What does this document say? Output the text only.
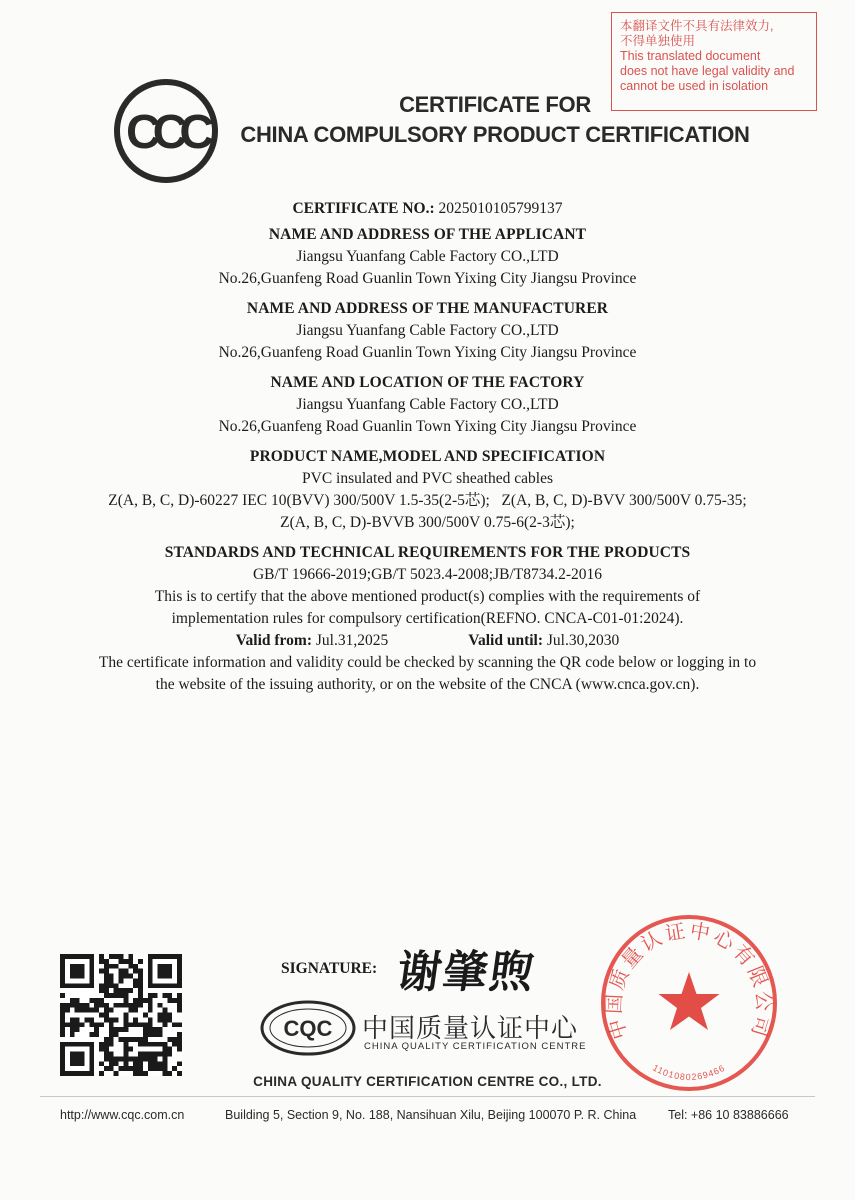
本翻译文件不具有法律效力,
不得单独使用
This translated document
does not have legal validity and
cannot be used in isolation
CCC
CERTIFICATE FOR
CHINA COMPULSORY PRODUCT CERTIFICATION
CERTIFICATE NO.: 2025010105799137
NAME AND ADDRESS OF THE APPLICANT
Jiangsu Yuanfang Cable Factory CO.,LTD
No.26,Guanfeng Road Guanlin Town Yixing City Jiangsu Province
NAME AND ADDRESS OF THE MANUFACTURER
Jiangsu Yuanfang Cable Factory CO.,LTD
No.26,Guanfeng Road Guanlin Town Yixing City Jiangsu Province
NAME AND LOCATION OF THE FACTORY
Jiangsu Yuanfang Cable Factory CO.,LTD
No.26,Guanfeng Road Guanlin Town Yixing City Jiangsu Province
PRODUCT NAME,MODEL AND SPECIFICATION
PVC insulated and PVC sheathed cables
Z(A, B, C, D)-60227 IEC 10(BVV) 300/500V 1.5-35(2-5芯);   Z(A, B, C, D)-BVV 300/500V 0.75-35;
Z(A, B, C, D)-BVVB 300/500V 0.75-6(2-3芯);
STANDARDS AND TECHNICAL REQUIREMENTS FOR THE PRODUCTS
GB/T 19666-2019;GB/T 5023.4-2008;JB/T8734.2-2016
This is to certify that the above mentioned product(s) complies with the requirements of
implementation rules for compulsory certification(REFNO. CNCA-C01-01:2024).
Valid from: Jul.31,2025	Valid until: Jul.30,2030
The certificate information and validity could be checked by scanning the QR code below or logging in to
the website of the issuing authority, or on the website of the CNCA (www.cnca.gov.cn).
SIGNATURE: 谢肇煦
CQC 中国质量认证中心
CHINA QUALITY CERTIFICATION CENTRE
中国质量认证中心有限公司
1101080269466
CHINA QUALITY CERTIFICATION CENTRE CO., LTD.
http://www.cqc.com.cn	Building 5, Section 9, No. 188, Nansihuan Xilu, Beijing 100070 P. R. China	Tel: +86 10 83886666
